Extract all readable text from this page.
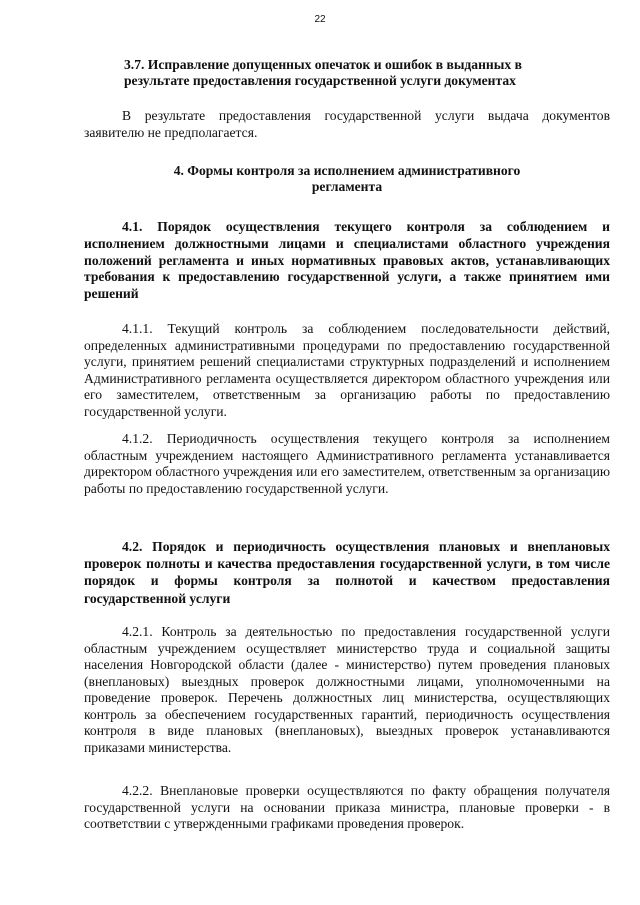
22
3.7. Исправление допущенных опечаток и ошибок в выданных в
результате предоставления государственной услуги документах

В результате предоставления государственной услуги выдача документов заявителю не предполагается.

4. Формы контроля за исполнением административного
регламента

4.1. Порядок осуществления текущего контроля за соблюдением и исполнением должностными лицами и специалистами областного учреждения положений регламента и иных нормативных правовых актов, устанавливающих требования к предоставлению государственной услуги, а также принятием ими решений

4.1.1. Текущий контроль за соблюдением последовательности действий, определенных административными процедурами по предоставлению государственной услуги, принятием решений специалистами структурных подразделений и исполнением Административного регламента осуществляется директором областного учреждения или его заместителем, ответственным за организацию работы по предоставлению государственной услуги.

4.1.2. Периодичность осуществления текущего контроля за исполнением областным учреждением настоящего Административного регламента устанавливается директором областного учреждения или его заместителем, ответственным за организацию работы по предоставлению государственной услуги.

4.2. Порядок и периодичность осуществления плановых и внеплановых проверок полноты и качества предоставления государственной услуги, в том числе порядок и формы контроля за полнотой и качеством предоставления государственной услуги

4.2.1. Контроль за деятельностью по предоставления государственной услуги областным учреждением осуществляет министерство труда и социальной защиты населения Новгородской области (далее - министерство) путем проведения плановых (внеплановых) выездных проверок должностными лицами, уполномоченными на проведение проверок. Перечень должностных лиц министерства, осуществляющих контроль за обеспечением государственных гарантий, периодичность осуществления контроля в виде плановых (внеплановых), выездных проверок устанавливаются приказами министерства.

4.2.2. Внеплановые проверки осуществляются по факту обращения получателя государственной услуги на основании приказа министра, плановые проверки - в соответствии с утвержденными графиками проведения проверок.
